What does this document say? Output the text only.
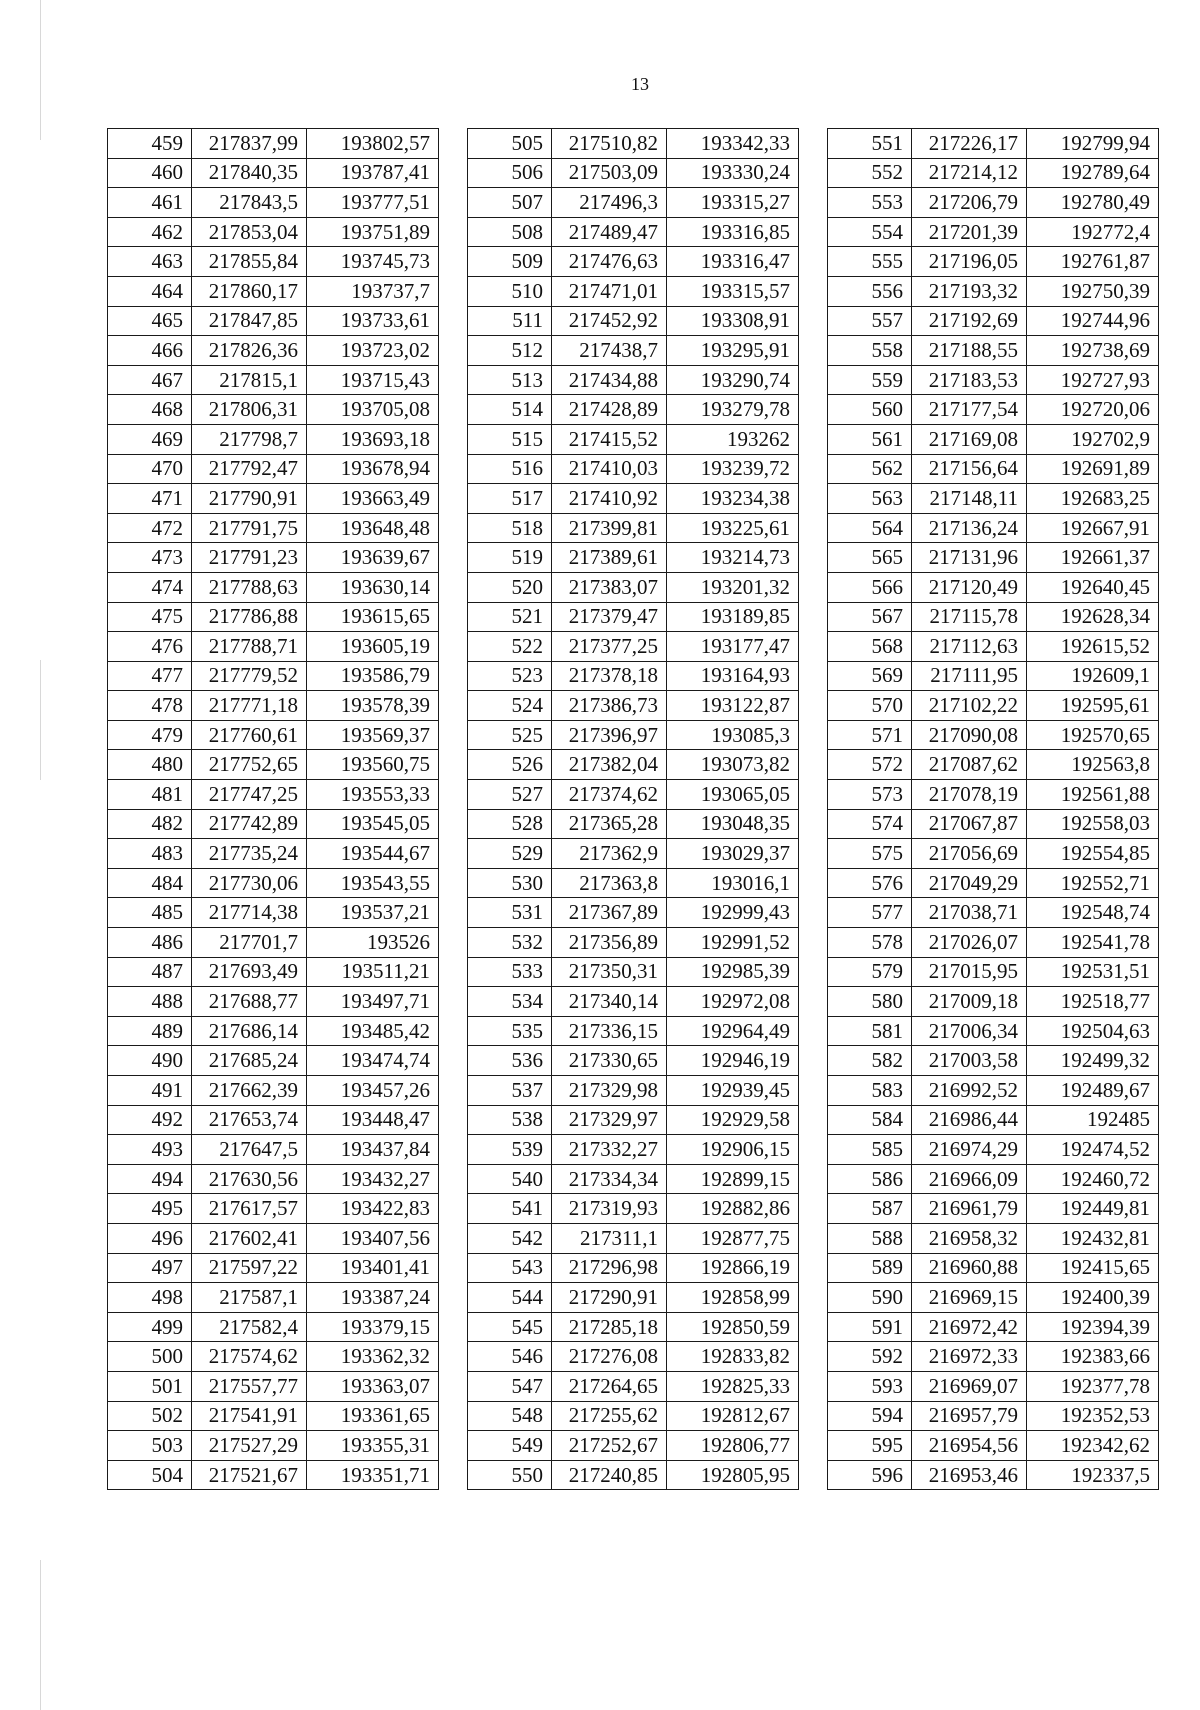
13
459	217837,99	193802,57
460	217840,35	193787,41
461	217843,5	193777,51
462	217853,04	193751,89
463	217855,84	193745,73
464	217860,17	193737,7
465	217847,85	193733,61
466	217826,36	193723,02
467	217815,1	193715,43
468	217806,31	193705,08
469	217798,7	193693,18
470	217792,47	193678,94
471	217790,91	193663,49
472	217791,75	193648,48
473	217791,23	193639,67
474	217788,63	193630,14
475	217786,88	193615,65
476	217788,71	193605,19
477	217779,52	193586,79
478	217771,18	193578,39
479	217760,61	193569,37
480	217752,65	193560,75
481	217747,25	193553,33
482	217742,89	193545,05
483	217735,24	193544,67
484	217730,06	193543,55
485	217714,38	193537,21
486	217701,7	193526
487	217693,49	193511,21
488	217688,77	193497,71
489	217686,14	193485,42
490	217685,24	193474,74
491	217662,39	193457,26
492	217653,74	193448,47
493	217647,5	193437,84
494	217630,56	193432,27
495	217617,57	193422,83
496	217602,41	193407,56
497	217597,22	193401,41
498	217587,1	193387,24
499	217582,4	193379,15
500	217574,62	193362,32
501	217557,77	193363,07
502	217541,91	193361,65
503	217527,29	193355,31
504	217521,67	193351,71
505	217510,82	193342,33
506	217503,09	193330,24
507	217496,3	193315,27
508	217489,47	193316,85
509	217476,63	193316,47
510	217471,01	193315,57
511	217452,92	193308,91
512	217438,7	193295,91
513	217434,88	193290,74
514	217428,89	193279,78
515	217415,52	193262
516	217410,03	193239,72
517	217410,92	193234,38
518	217399,81	193225,61
519	217389,61	193214,73
520	217383,07	193201,32
521	217379,47	193189,85
522	217377,25	193177,47
523	217378,18	193164,93
524	217386,73	193122,87
525	217396,97	193085,3
526	217382,04	193073,82
527	217374,62	193065,05
528	217365,28	193048,35
529	217362,9	193029,37
530	217363,8	193016,1
531	217367,89	192999,43
532	217356,89	192991,52
533	217350,31	192985,39
534	217340,14	192972,08
535	217336,15	192964,49
536	217330,65	192946,19
537	217329,98	192939,45
538	217329,97	192929,58
539	217332,27	192906,15
540	217334,34	192899,15
541	217319,93	192882,86
542	217311,1	192877,75
543	217296,98	192866,19
544	217290,91	192858,99
545	217285,18	192850,59
546	217276,08	192833,82
547	217264,65	192825,33
548	217255,62	192812,67
549	217252,67	192806,77
550	217240,85	192805,95
551	217226,17	192799,94
552	217214,12	192789,64
553	217206,79	192780,49
554	217201,39	192772,4
555	217196,05	192761,87
556	217193,32	192750,39
557	217192,69	192744,96
558	217188,55	192738,69
559	217183,53	192727,93
560	217177,54	192720,06
561	217169,08	192702,9
562	217156,64	192691,89
563	217148,11	192683,25
564	217136,24	192667,91
565	217131,96	192661,37
566	217120,49	192640,45
567	217115,78	192628,34
568	217112,63	192615,52
569	217111,95	192609,1
570	217102,22	192595,61
571	217090,08	192570,65
572	217087,62	192563,8
573	217078,19	192561,88
574	217067,87	192558,03
575	217056,69	192554,85
576	217049,29	192552,71
577	217038,71	192548,74
578	217026,07	192541,78
579	217015,95	192531,51
580	217009,18	192518,77
581	217006,34	192504,63
582	217003,58	192499,32
583	216992,52	192489,67
584	216986,44	192485
585	216974,29	192474,52
586	216966,09	192460,72
587	216961,79	192449,81
588	216958,32	192432,81
589	216960,88	192415,65
590	216969,15	192400,39
591	216972,42	192394,39
592	216972,33	192383,66
593	216969,07	192377,78
594	216957,79	192352,53
595	216954,56	192342,62
596	216953,46	192337,5
